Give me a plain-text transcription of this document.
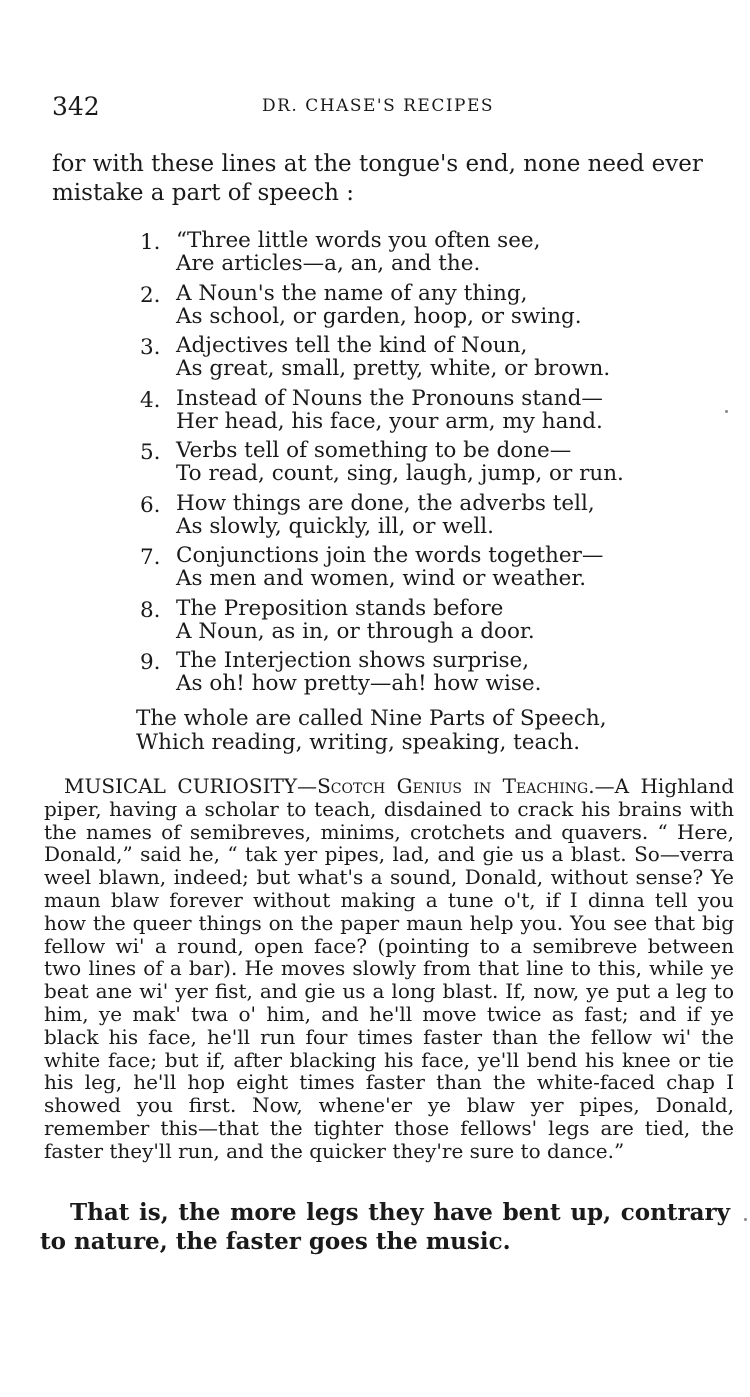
342	DR. CHASE'S RECIPES
for with these lines at the tongue's end, none need ever mistake a part of speech :
1. “Three little words you often see,
Are articles—a, an, and the.
2. A Noun's the name of any thing,
As school, or garden, hoop, or swing.
3. Adjectives tell the kind of Noun,
As great, small, pretty, white, or brown.
4. Instead of Nouns the Pronouns stand—
Her head, his face, your arm, my hand.
5. Verbs tell of something to be done—
To read, count, sing, laugh, jump, or run.
6. How things are done, the adverbs tell,
As slowly, quickly, ill, or well.
7. Conjunctions join the words together—
As men and women, wind or weather.
8. The Preposition stands before
A Noun, as in, or through a door.
9. The Interjection shows surprise,
As oh! how pretty—ah! how wise.
The whole are called Nine Parts of Speech,
Which reading, writing, speaking, teach.
MUSICAL CURIOSITY—Scotch Genius in Teaching.—A Highland piper, having a scholar to teach, disdained to crack his brains with the names of semibreves, minims, crotchets and quavers. “ Here, Donald,” said he, “ tak yer pipes, lad, and gie us a blast. So—verra weel blawn, indeed; but what's a sound, Donald, without sense? Ye maun blaw forever without making a tune o't, if I dinna tell you how the queer things on the paper maun help you. You see that big fellow wi' a round, open face? (pointing to a semibreve between two lines of a bar). He moves slowly from that line to this, while ye beat ane wi' yer fist, and gie us a long blast. If, now, ye put a leg to him, ye mak' twa o' him, and he'll move twice as fast; and if ye black his face, he'll run four times faster than the fellow wi' the white face; but if, after blacking his face, ye'll bend his knee or tie his leg, he'll hop eight times faster than the white-faced chap I showed you first. Now, whene'er ye blaw yer pipes, Donald, remember this—that the tighter those fellows' legs are tied, the faster they'll run, and the quicker they're sure to dance.”

That is, the more legs they have bent up, contrary to nature, the faster goes the music.
